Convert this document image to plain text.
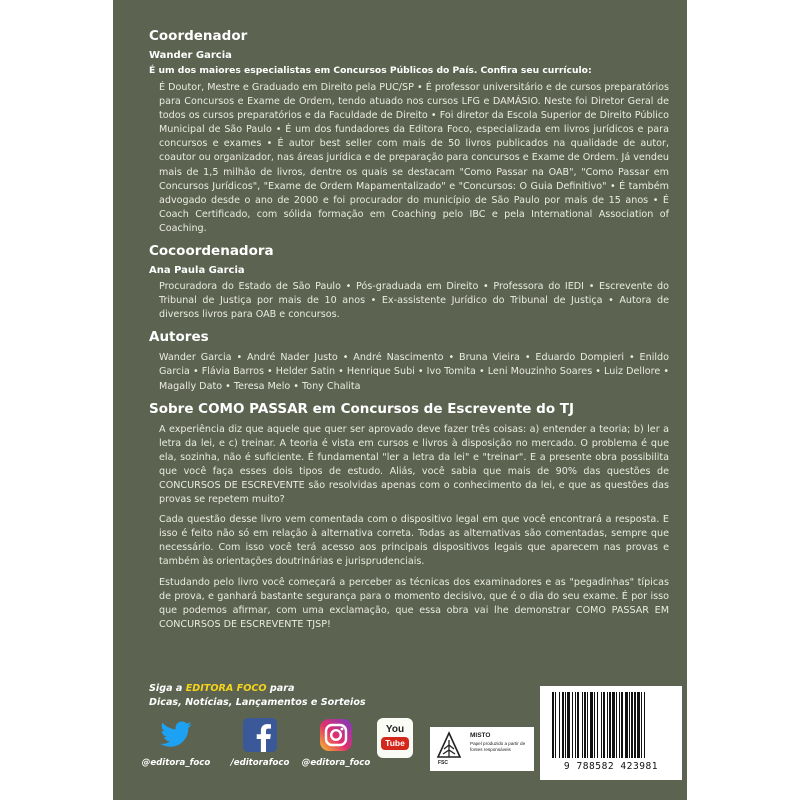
Coordenador
Wander Garcia
É um dos maiores especialistas em Concursos Públicos do País. Confira seu currículo:
É Doutor, Mestre e Graduado em Direito pela PUC/SP • É professor universitário e de cursos preparatórios para Concursos e Exame de Ordem, tendo atuado nos cursos LFG e DAMÁSIO. Neste foi Diretor Geral de todos os cursos preparatórios e da Faculdade de Direito • Foi diretor da Escola Superior de Direito Público Municipal de São Paulo • É um dos fundadores da Editora Foco, especializada em livros jurídicos e para concursos e exames • É autor best seller com mais de 50 livros publicados na qualidade de autor, coautor ou organizador, nas áreas jurídica e de preparação para concursos e Exame de Ordem. Já vendeu mais de 1,5 milhão de livros, dentre os quais se destacam "Como Passar na OAB", "Como Passar em Concursos Jurídicos", "Exame de Ordem Mapamentalizado" e "Concursos: O Guia Definitivo" • É também advogado desde o ano de 2000 e foi procurador do município de São Paulo por mais de 15 anos • É Coach Certificado, com sólida formação em Coaching pelo IBC e pela International Association of Coaching.
Cocoordenadora
Ana Paula Garcia
Procuradora do Estado de São Paulo • Pós-graduada em Direito • Professora do IEDI • Escrevente do Tribunal de Justiça por mais de 10 anos • Ex-assistente Jurídico do Tribunal de Justiça • Autora de diversos livros para OAB e concursos.
Autores
Wander Garcia • André Nader Justo • André Nascimento • Bruna Vieira • Eduardo Dompieri • Enildo Garcia • Flávia Barros • Helder Satin • Henrique Subi • Ivo Tomita • Leni Mouzinho Soares • Luiz Dellore • Magally Dato • Teresa Melo • Tony Chalita
Sobre COMO PASSAR em Concursos de Escrevente do TJ
A experiência diz que aquele que quer ser aprovado deve fazer três coisas: a) entender a teoria; b) ler a letra da lei, e c) treinar. A teoria é vista em cursos e livros à disposição no mercado. O problema é que ela, sozinha, não é suficiente. É fundamental "ler a letra da lei" e "treinar". E a presente obra possibilita que você faça esses dois tipos de estudo. Aliás, você sabia que mais de 90% das questões de CONCURSOS DE ESCREVENTE são resolvidas apenas com o conhecimento da lei, e que as questões das provas se repetem muito?
Cada questão desse livro vem comentada com o dispositivo legal em que você encontrará a resposta. E isso é feito não só em relação à alternativa correta. Todas as alternativas são comentadas, sempre que necessário. Com isso você terá acesso aos principais dispositivos legais que aparecem nas provas e também às orientações doutrinárias e jurisprudenciais.
Estudando pelo livro você começará a perceber as técnicas dos examinadores e as "pegadinhas" típicas de prova, e ganhará bastante segurança para o momento decisivo, que é o dia do seu exame. É por isso que podemos afirmar, com uma exclamação, que essa obra vai lhe demonstrar COMO PASSAR EM CONCURSOS DE ESCREVENTE TJSP!
Siga a EDITORA FOCO para
Dicas, Notícias, Lançamentos e Sorteios
@editora_foco	/editorafoco	@editora_foco
You
Tube
FSC
MISTO
Papel produzido a partir de fontes responsáveis
9 788582 423981
